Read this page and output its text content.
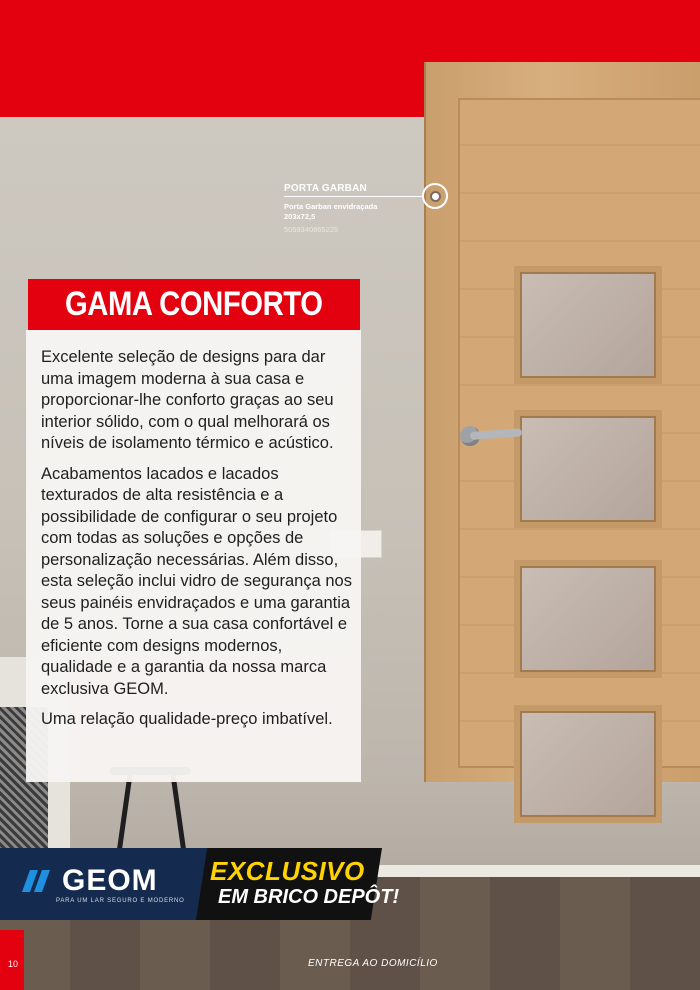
PORTA GARBAN
Porta Garban envidraçada 203x72,5
5059340865225
GAMA CONFORTO

Excelente seleção de designs para dar uma imagem moderna à sua casa e proporcionar-lhe conforto graças ao seu interior sólido, com o qual melhorará os níveis de isolamento térmico e acústico.

Acabamentos lacados e lacados texturados de alta resistência e a possibilidade de configurar o seu projeto com todas as soluções e opções de personalização necessárias. Além disso, esta seleção inclui vidro de segurança nos seus painéis envidraçados e uma garantia de 5 anos. Torne a sua casa confortável e eficiente com designs modernos, qualidade e a garantia da nossa marca exclusiva GEOM.

Uma relação qualidade-preço imbatível.

GEOM
PARA UM LAR SEGURO E MODERNO
EXCLUSIVO
EM BRICO DEPÔT!
10	ENTREGA AO DOMICÍLIO
